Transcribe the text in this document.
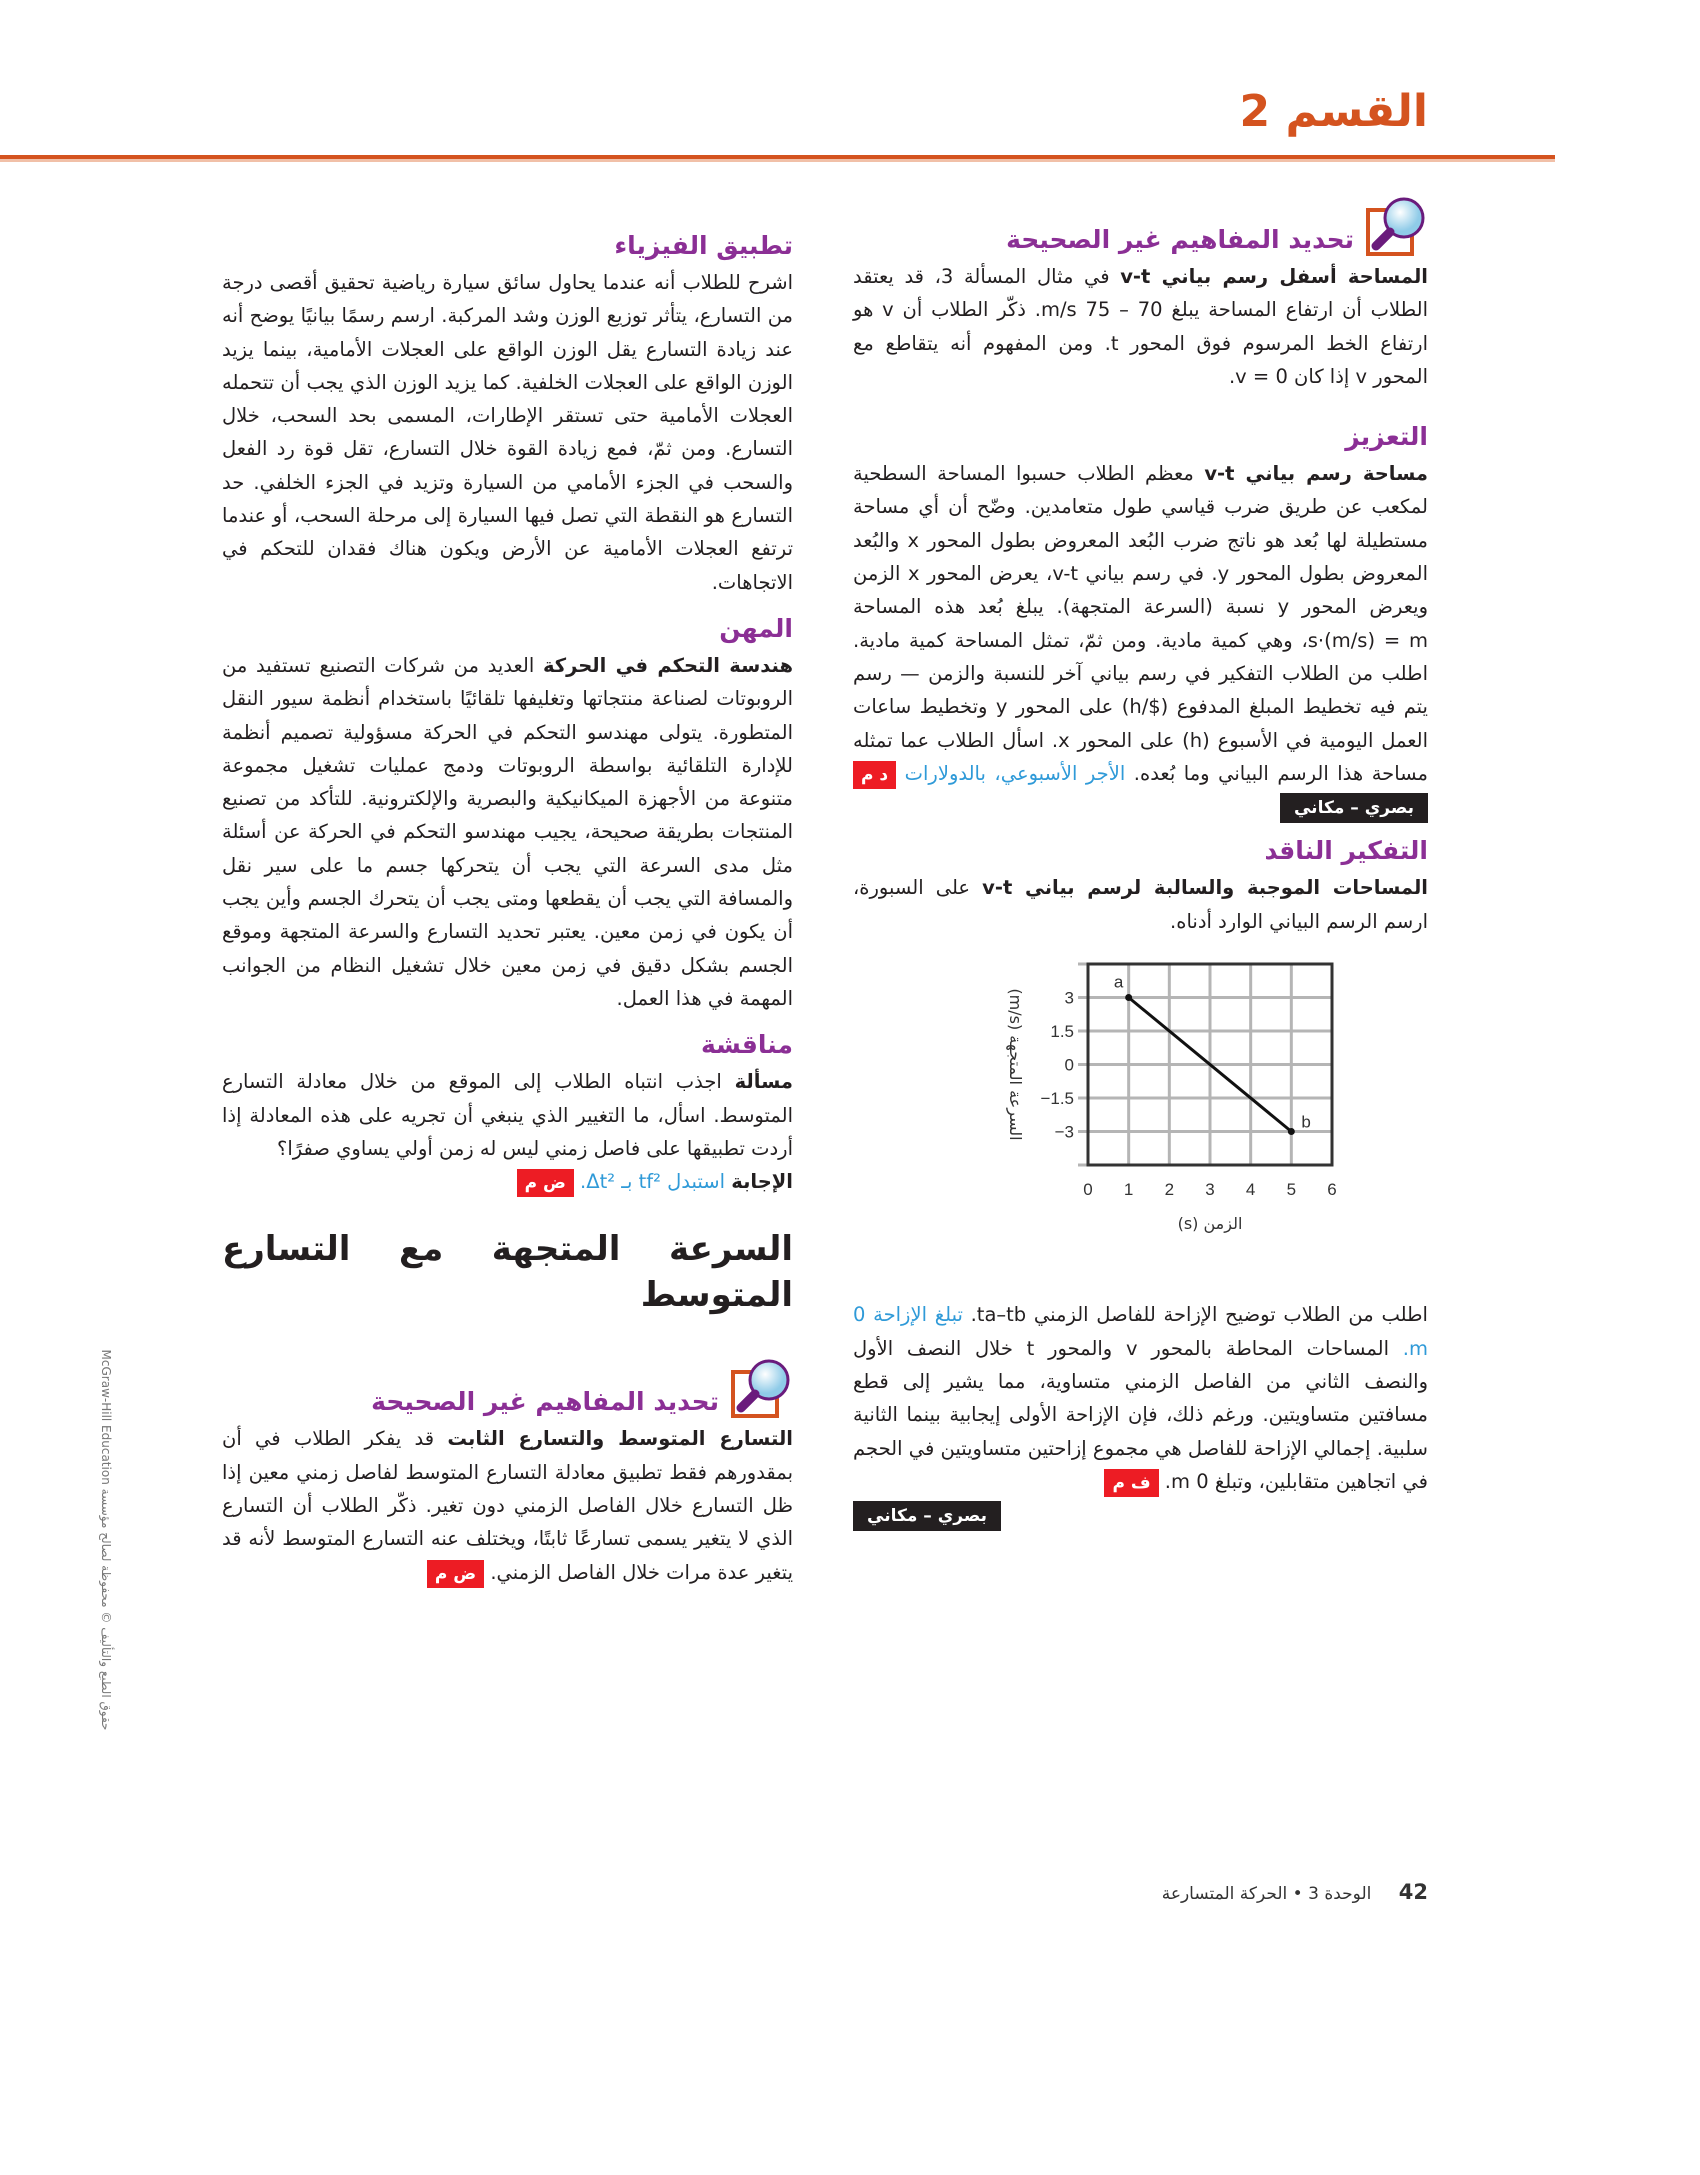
القسم 2
تحديد المفاهيم غير الصحيحة

المساحة أسفل رسم بياني v-t في مثال المسألة 3، قد يعتقد الطلاب أن ارتفاع المساحة يبلغ 70 – 75 m/s. ذكّر الطلاب أن v هو ارتفاع الخط المرسوم فوق المحور t. ومن المفهوم أنه يتقاطع مع المحور v إذا كان v = 0.

التعزيز

مساحة رسم بياني v-t معظم الطلاب حسبوا المساحة السطحية لمكعب عن طريق ضرب قياسي طول متعامدين. وضّح أن أي مساحة مستطيلة لها بُعد هو ناتج ضرب البُعد المعروض بطول المحور x والبُعد المعروض بطول المحور y. في رسم بياني v-t، يعرض المحور x الزمن ويعرض المحور y نسبة (السرعة المتجهة). يبلغ بُعد هذه المساحة s·(m/s) = m، وهي كمية مادية. ومن ثمّ، تمثل المساحة كمية مادية. اطلب من الطلاب التفكير في رسم بياني آخر للنسبة والزمن — رسم يتم فيه تخطيط المبلغ المدفوع ($/h) على المحور y وتخطيط ساعات العمل اليومية في الأسبوع (h) على المحور x. اسأل الطلاب عما تمثله مساحة هذا الرسم البياني وما بُعده. الأجر الأسبوعي، بالدولارات د مبصري – مكاني

التفكير الناقد

المساحات الموجبة والسالبة لرسم بياني v-t على السبورة، ارسم الرسم البياني الوارد أدناه.

0 1 2 3 4 5 6
3
1.5
0
−1.5
−3
a
b
الزمن (s)
السرعة المتجهة (m/s)

اطلب من الطلاب توضيح الإزاحة للفاصل الزمني ta–tb. تبلغ الإزاحة 0 m. المساحات المحاطة بالمحور v والمحور t خلال النصف الأول والنصف الثاني من الفاصل الزمني متساوية، مما يشير إلى قطع مسافتين متساويتين. ورغم ذلك، فإن الإزاحة الأولى إيجابية بينما الثانية سلبية. إجمالي الإزاحة للفاصل هي مجموع إزاحتين متساويتين في الحجم في اتجاهين متقابلين، وتبلغ 0 m. ف م

بصري – مكاني
تطبيق الفيزياء

اشرح للطلاب أنه عندما يحاول سائق سيارة رياضية تحقيق أقصى درجة من التسارع، يتأثر توزيع الوزن وشد المركبة. ارسم رسمًا بيانيًا يوضح أنه عند زيادة التسارع يقل الوزن الواقع على العجلات الأمامية، بينما يزيد الوزن الواقع على العجلات الخلفية. كما يزيد الوزن الذي يجب أن تتحمله العجلات الأمامية حتى تستقر الإطارات، المسمى بحد السحب، خلال التسارع. ومن ثمّ، فمع زيادة القوة خلال التسارع، تقل قوة رد الفعل والسحب في الجزء الأمامي من السيارة وتزيد في الجزء الخلفي. حد التسارع هو النقطة التي تصل فيها السيارة إلى مرحلة السحب، أو عندما ترتفع العجلات الأمامية عن الأرض ويكون هناك فقدان للتحكم في الاتجاهات.

المهن

هندسة التحكم في الحركة العديد من شركات التصنيع تستفيد من الروبوتات لصناعة منتجاتها وتغليفها تلقائيًا باستخدام أنظمة سيور النقل المتطورة. يتولى مهندسو التحكم في الحركة مسؤولية تصميم أنظمة للإدارة التلقائية بواسطة الروبوتات ودمج عمليات تشغيل مجموعة متنوعة من الأجهزة الميكانيكية والبصرية والإلكترونية. للتأكد من تصنيع المنتجات بطريقة صحيحة، يجيب مهندسو التحكم في الحركة عن أسئلة مثل مدى السرعة التي يجب أن يتحركها جسم ما على سير نقل والمسافة التي يجب أن يقطعها ومتى يجب أن يتحرك الجسم وأين يجب أن يكون في زمن معين. يعتبر تحديد التسارع والسرعة المتجهة وموقع الجسم بشكل دقيق في زمن معين خلال تشغيل النظام من الجوانب المهمة في هذا العمل.

مناقشة

مسألة اجذب انتباه الطلاب إلى الموقع من خلال معادلة التسارع المتوسط. اسأل، ما التغيير الذي ينبغي أن تجريه على هذه المعادلة إذا أردت تطبيقها على فاصل زمني ليس له زمن أولي يساوي صفرًا؟

الإجابة استبدل tf² بـ Δt². ض م

السرعة المتجهة مع التسارع المتوسط
تحديد المفاهيم غير الصحيحة

التسارع المتوسط والتسارع الثابت قد يفكر الطلاب في أن بمقدورهم فقط تطبيق معادلة التسارع المتوسط لفاصل زمني معين إذا ظل التسارع خلال الفاصل الزمني دون تغير. ذكّر الطلاب أن التسارع الذي لا يتغير يسمى تسارعًا ثابتًا، ويختلف عنه التسارع المتوسط لأنه قد يتغير عدة مرات خلال الفاصل الزمني. ض م

حقوق الطبع والتأليف © محفوظة لصالح مؤسسة McGraw-Hill Education
42 الوحدة 3 • الحركة المتسارعة
